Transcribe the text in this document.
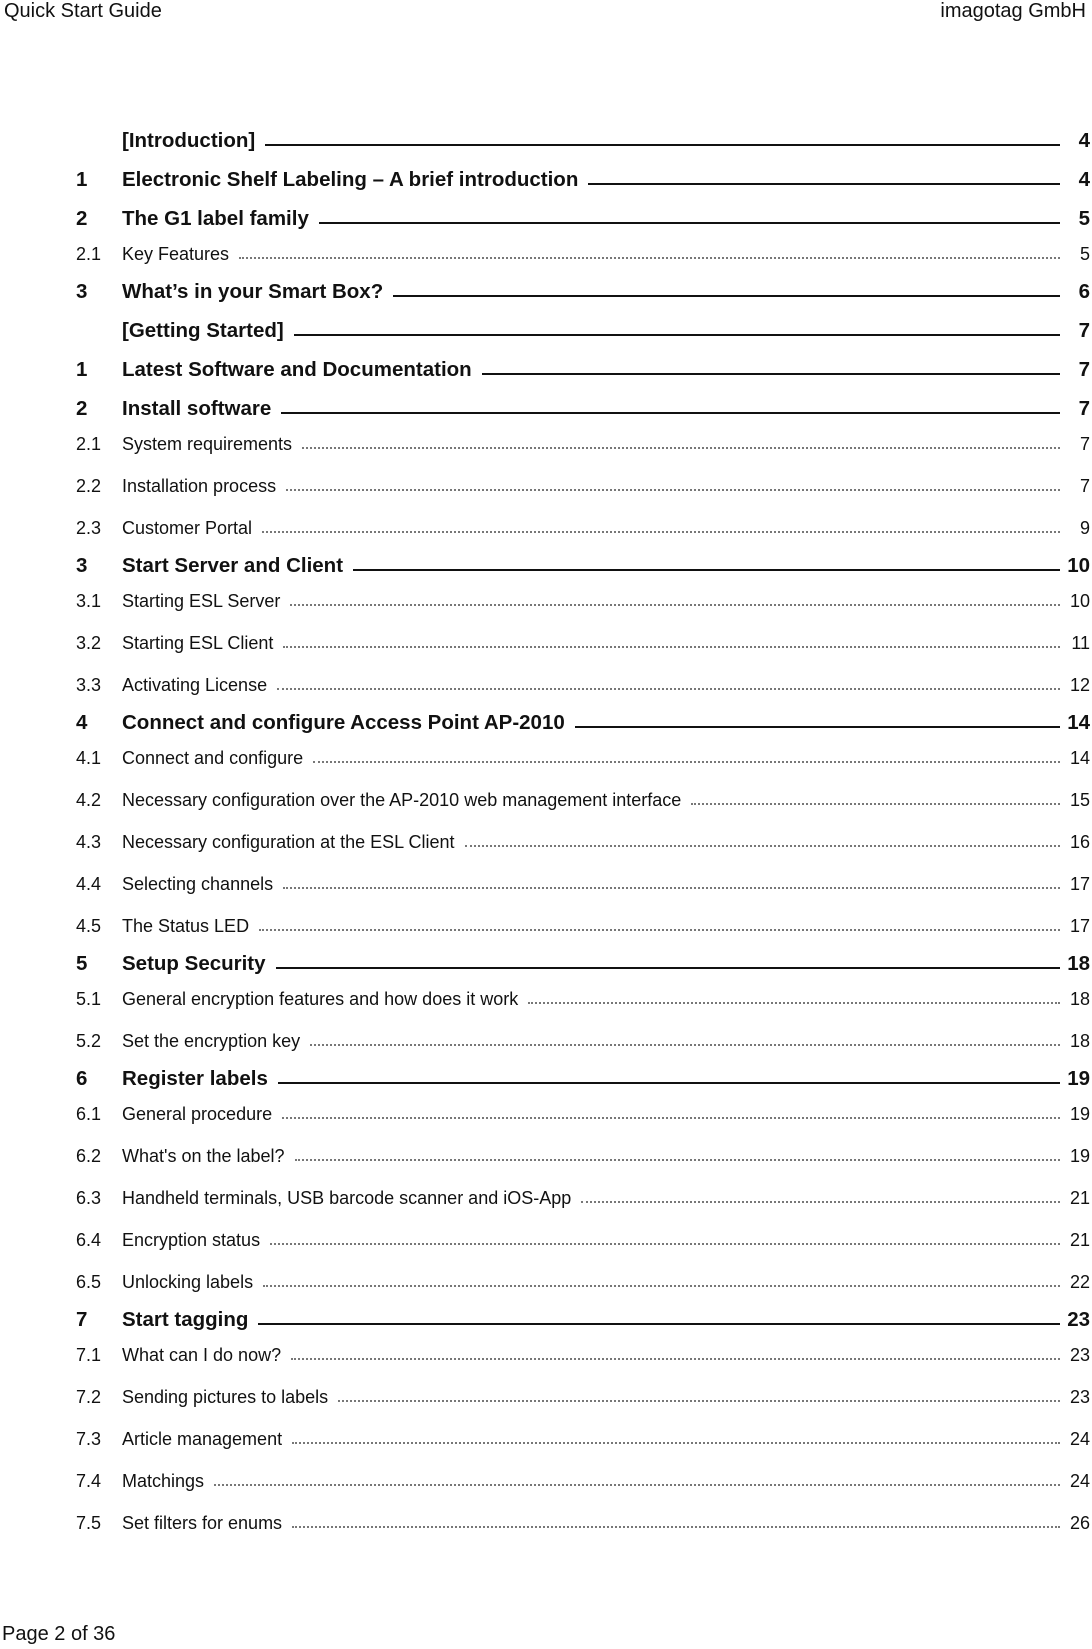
Quick Start Guide	imagotag GmbH
[Introduction]	4
1	Electronic Shelf Labeling – A brief introduction	4
2	The G1 label family	5
2.1	Key Features	5
3	What’s in your Smart Box?	6
[Getting Started]	7
1	Latest Software and Documentation	7
2	Install software	7
2.1	System requirements	7
2.2	Installation process	7
2.3	Customer Portal	9
3	Start Server and Client	10
3.1	Starting ESL Server	10
3.2	Starting ESL Client	11
3.3	Activating License	12
4	Connect and configure Access Point AP-2010	14
4.1	Connect and configure	14
4.2	Necessary configuration over the AP-2010 web management interface	15
4.3	Necessary configuration at the ESL Client	16
4.4	Selecting channels	17
4.5	The Status LED	17
5	Setup Security	18
5.1	General encryption features and how does it work	18
5.2	Set the encryption key	18
6	Register labels	19
6.1	General procedure	19
6.2	What's on the label?	19
6.3	Handheld terminals, USB barcode scanner and iOS-App	21
6.4	Encryption status	21
6.5	Unlocking labels	22
7	Start tagging	23
7.1	What can I do now?	23
7.2	Sending pictures to labels	23
7.3	Article management	24
7.4	Matchings	24
7.5	Set filters for enums	26
Page 2 of 36
